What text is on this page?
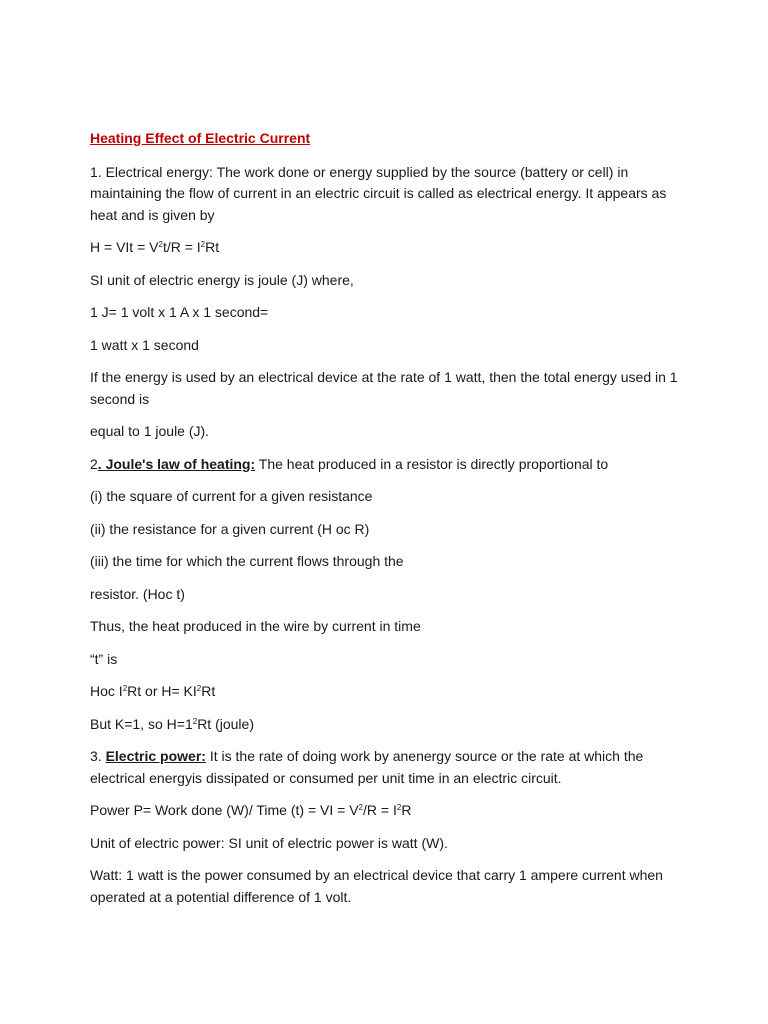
Heating Effect of Electric Current

1. Electrical energy: The work done or energy supplied by the source (battery or cell) in maintaining the flow of current in an electric circuit is called as electrical energy. It appears as heat and is given by

H = VIt = $V^2t/R = I^2Rt$

SI unit of electric energy is joule (J) where,

1 J= 1 volt x 1 A x 1 second=

1 watt x 1 second

If the energy is used by an electrical device at the rate of 1 watt, then the total energy used in 1 second is

equal to 1 joule (J).

2. Joule's law of heating: The heat produced in a resistor is directly proportional to

(i) the square of current for a given resistance

(ii) the resistance for a given current (H oc R)

(iii) the time for which the current flows through the

resistor. (Hoc t)

Thus, the heat produced in the wire by current in time

“t” is

Hoc $I^2Rt$ or $H= KI^2Rt$

But K=1, so $H=1^2Rt$ (joule)

3. Electric power: It is the rate of doing work by anenergy source or the rate at which the electrical energyis dissipated or consumed per unit time in an electric circuit.

Power P= Work done (W)/ Time (t) = VI = $V^2/R = I^2R$

Unit of electric power: SI unit of electric power is watt (W).

Watt: 1 watt is the power consumed by an electrical device that carry 1 ampere current when operated at a potential difference of 1 volt.
